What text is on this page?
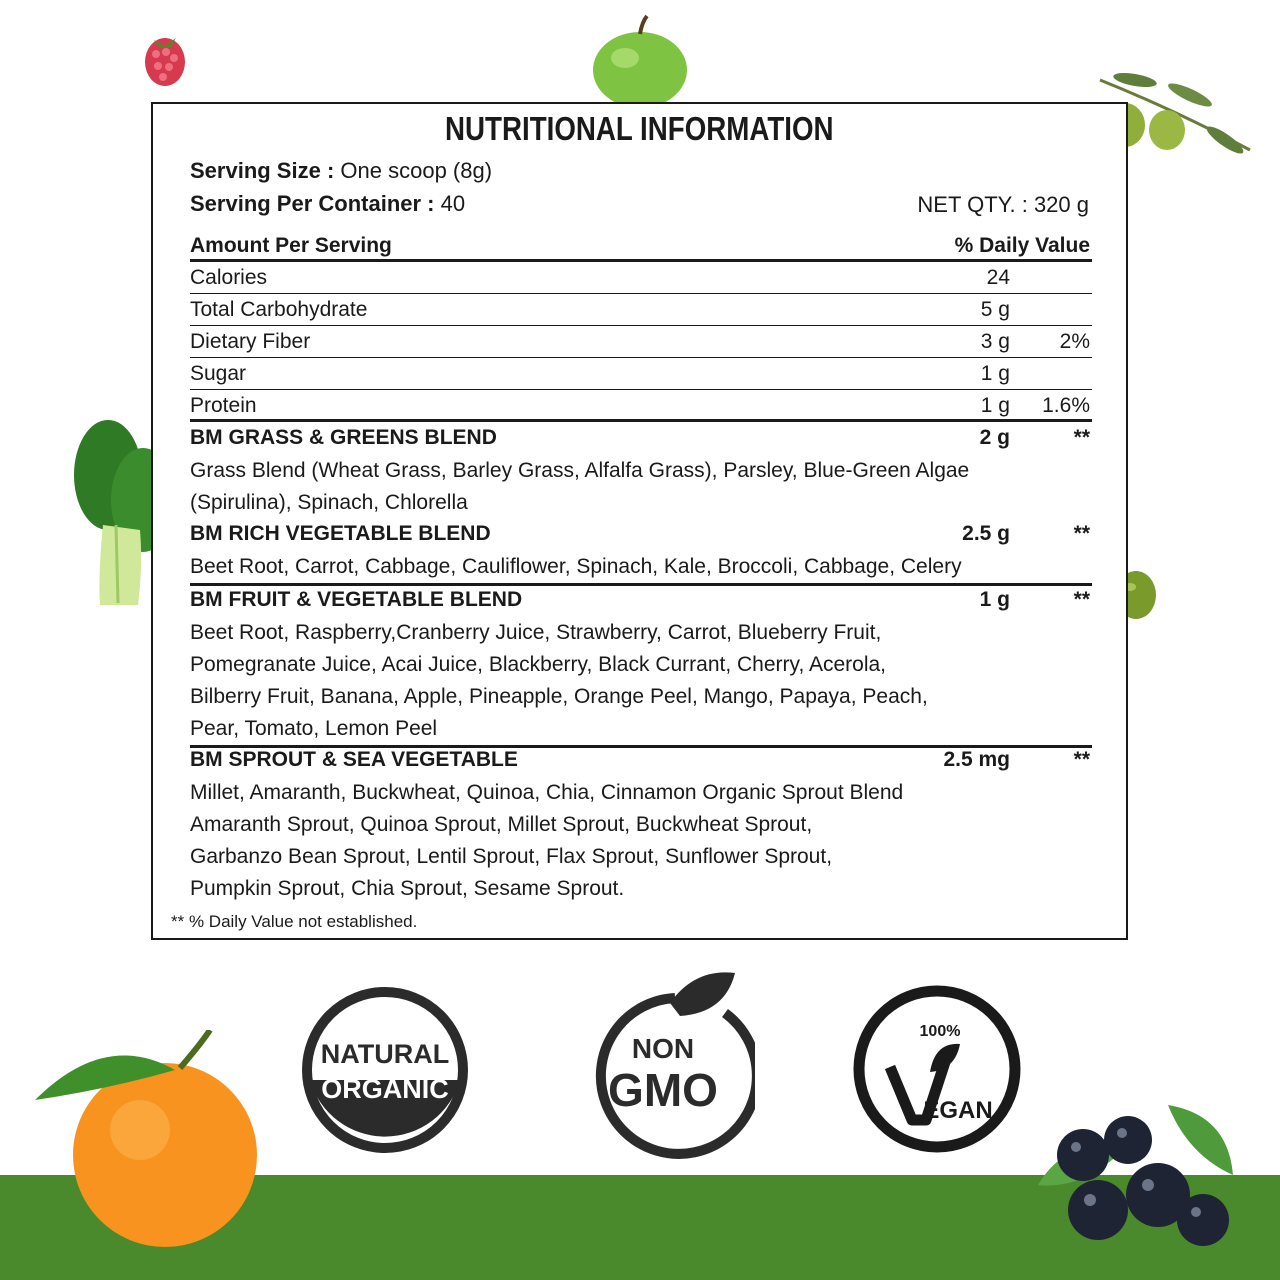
NUTRITIONAL INFORMATION
Serving Size : One scoop (8g)
Serving Per Container : 40	NET QTY. : 320 g
Amount Per Serving	% Daily Value
Calories	24
Total Carbohydrate	5 g
Dietary Fiber	3 g 2%
Sugar	1 g
Protein	1 g 1.6%
BM GRASS & GREENS BLEND	2 g	**
Grass Blend (Wheat Grass, Barley Grass, Alfalfa Grass), Parsley, Blue-Green Algae
(Spirulina), Spinach, Chlorella
BM RICH VEGETABLE BLEND	2.5 g	**
Beet Root, Carrot, Cabbage, Cauliflower, Spinach, Kale, Broccoli, Cabbage, Celery
BM FRUIT & VEGETABLE BLEND	1 g	**
Beet Root, Raspberry,Cranberry Juice, Strawberry, Carrot, Blueberry Fruit,
Pomegranate Juice, Acai Juice, Blackberry, Black Currant, Cherry, Acerola,
Bilberry Fruit, Banana, Apple, Pineapple, Orange Peel, Mango, Papaya, Peach,
Pear, Tomato, Lemon Peel
BM SPROUT & SEA VEGETABLE	2.5 mg	**
Millet, Amaranth, Buckwheat, Quinoa, Chia, Cinnamon Organic Sprout Blend
Amaranth Sprout, Quinoa Sprout, Millet Sprout, Buckwheat Sprout,
Garbanzo Bean Sprout, Lentil Sprout, Flax Sprout, Sunflower Sprout,
Pumpkin Sprout, Chia Sprout, Sesame Sprout.
** % Daily Value not established.
NATURAL
ORGANIC
NON
GMO
100%
EGAN
